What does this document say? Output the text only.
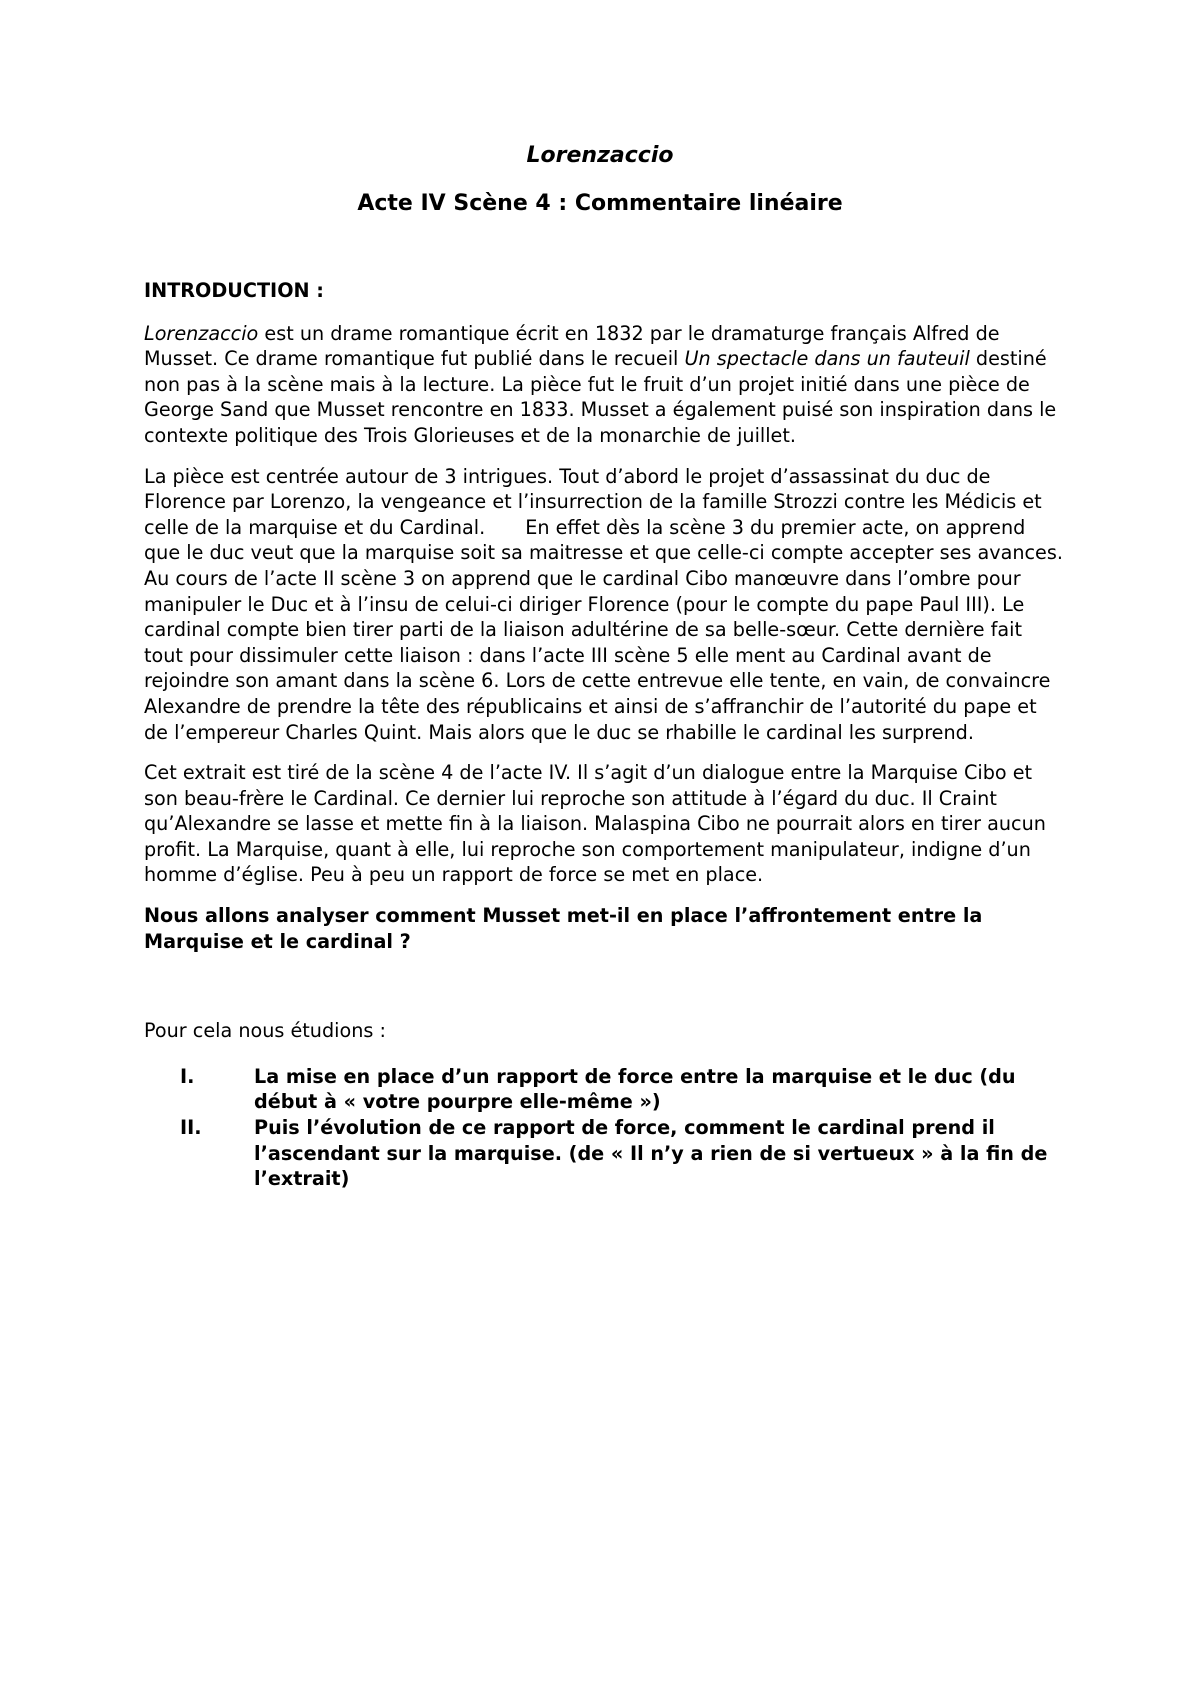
Lorenzaccio
Acte IV Scène 4 : Commentaire linéaire

INTRODUCTION :

Lorenzaccio est un drame romantique écrit en 1832 par le dramaturge français Alfred de Musset. Ce drame romantique fut publié dans le recueil Un spectacle dans un fauteuil destiné non pas à la scène mais à la lecture. La pièce fut le fruit d’un projet initié dans une pièce de George Sand que Musset rencontre en 1833. Musset a également puisé son inspiration dans le contexte politique des Trois Glorieuses et de la monarchie de juillet.

La pièce est centrée autour de 3 intrigues. Tout d’abord le projet d’assassinat du duc de Florence par Lorenzo, la vengeance et l’insurrection de la famille Strozzi contre les Médicis et celle de la marquise et du Cardinal. En effet dès la scène 3 du premier acte, on apprend que le duc veut que la marquise soit sa maitresse et que celle-ci compte accepter ses avances. Au cours de l’acte II scène 3 on apprend que le cardinal Cibo manœuvre dans l’ombre pour manipuler le Duc et à l’insu de celui-ci diriger Florence (pour le compte du pape Paul III). Le cardinal compte bien tirer parti de la liaison adultérine de sa belle-sœur. Cette dernière fait tout pour dissimuler cette liaison : dans l’acte III scène 5 elle ment au Cardinal avant de rejoindre son amant dans la scène 6. Lors de cette entrevue elle tente, en vain, de convaincre Alexandre de prendre la tête des républicains et ainsi de s’affranchir de l’autorité du pape et de l’empereur Charles Quint. Mais alors que le duc se rhabille le cardinal les surprend.

Cet extrait est tiré de la scène 4 de l’acte IV. Il s’agit d’un dialogue entre la Marquise Cibo et son beau-frère le Cardinal. Ce dernier lui reproche son attitude à l’égard du duc. Il Craint qu’Alexandre se lasse et mette fin à la liaison. Malaspina Cibo ne pourrait alors en tirer aucun profit. La Marquise, quant à elle, lui reproche son comportement manipulateur, indigne d’un homme d’église. Peu à peu un rapport de force se met en place.

Nous allons analyser comment Musset met-il en place l’affrontement entre la Marquise et le cardinal ?

Pour cela nous étudions :

I.	La mise en place d’un rapport de force entre la marquise et le duc (du début à « votre pourpre elle-même »)
II.	Puis l’évolution de ce rapport de force, comment le cardinal prend il l’ascendant sur la marquise. (de « Il n’y a rien de si vertueux » à la fin de l’extrait)
